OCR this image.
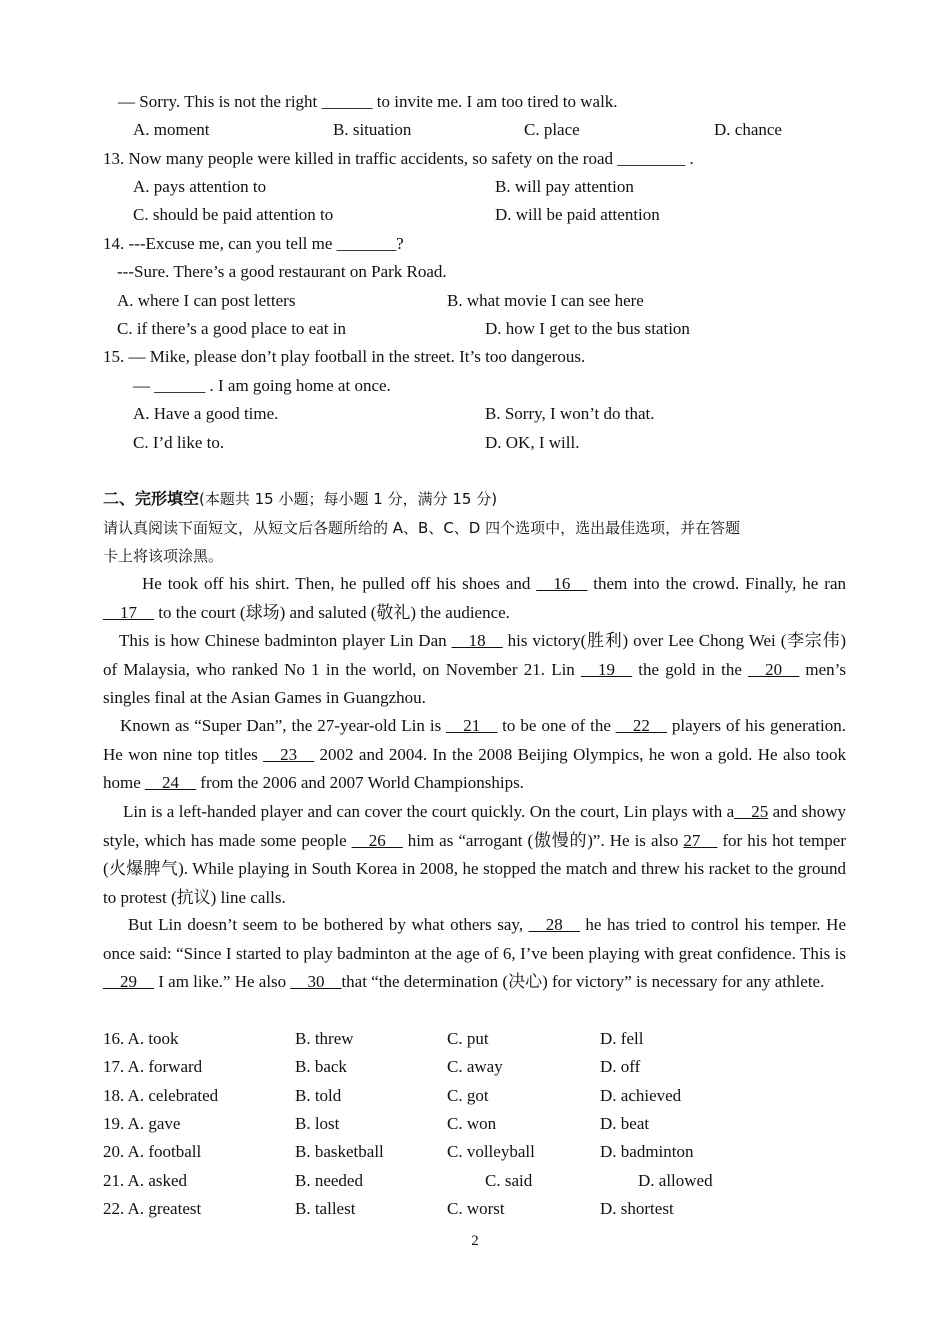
— Sorry. This is not the right ______ to invite me. I am too tired to walk.
A. moment	B. situation	C. place	D. chance
13. Now many people were killed in traffic accidents, so safety on the road ________ .
A. pays attention to	B. will pay attention
C. should be paid attention to	D. will be paid attention
14. ---Excuse me, can you tell me _______?
---Sure. There’s a good restaurant on Park Road.
A. where I can post letters	B. what movie I can see here
C. if there’s a good place to eat in	D. how I get to the bus station
15. — Mike, please don’t play football in the street. It’s too dangerous.
— ______ . I am going home at once.
A. Have a good time.	B. Sorry, I won’t do that.
C. I’d like to.	D. OK, I will.
二、完形填空(本题共 15 小题；每小题 1 分，满分 15 分)
请认真阅读下面短文，从短文后各题所给的 A、B、C、D 四个选项中，选出最佳选项，并在答题
卡上将该项涂黑。
He took off his shirt. Then, he pulled off his shoes and __16__ them into the crowd. Finally, he ran __17__ to the court (球场) and saluted (敬礼) the audience.
This is how Chinese badminton player Lin Dan __18__ his victory(胜利) over Lee Chong Wei (李宗伟) of Malaysia, who ranked No 1 in the world, on November 21. Lin __19__ the gold in the __20__ men’s singles final at the Asian Games in Guangzhou.
Known as “Super Dan”, the 27-year-old Lin is __21__ to be one of the __22__ players of his generation. He won nine top titles __23__ 2002 and 2004. In the 2008 Beijing Olympics, he won a gold. He also took home __24__ from the 2006 and 2007 World Championships.
Lin is a left-handed player and can cover the court quickly. On the court, Lin plays with a__25 and showy style, which has made some people __26__ him as “arrogant (傲慢的)”. He is also 27__ for his hot temper (火爆脾气). While playing in South Korea in 2008, he stopped the match and threw his racket to the ground to protest (抗议) line calls.
But Lin doesn’t seem to be bothered by what others say, __28__ he has tried to control his temper. He once said: “Since I started to play badminton at the age of 6, I’ve been playing with great confidence. This is __29__ I am like.” He also __30__that “the determination (决心) for victory” is necessary for any athlete.
16. A. took	B. threw	C. put	D. fell
17. A. forward	B. back	C. away	D. off
18. A. celebrated	B. told	C. got	D. achieved
19. A. gave	B. lost	C. won	D. beat
20. A. football	B. basketball	C. volleyball	D. badminton
21. A. asked	B. needed	C. said	D. allowed
22. A. greatest	B. tallest	C. worst	D. shortest
2
